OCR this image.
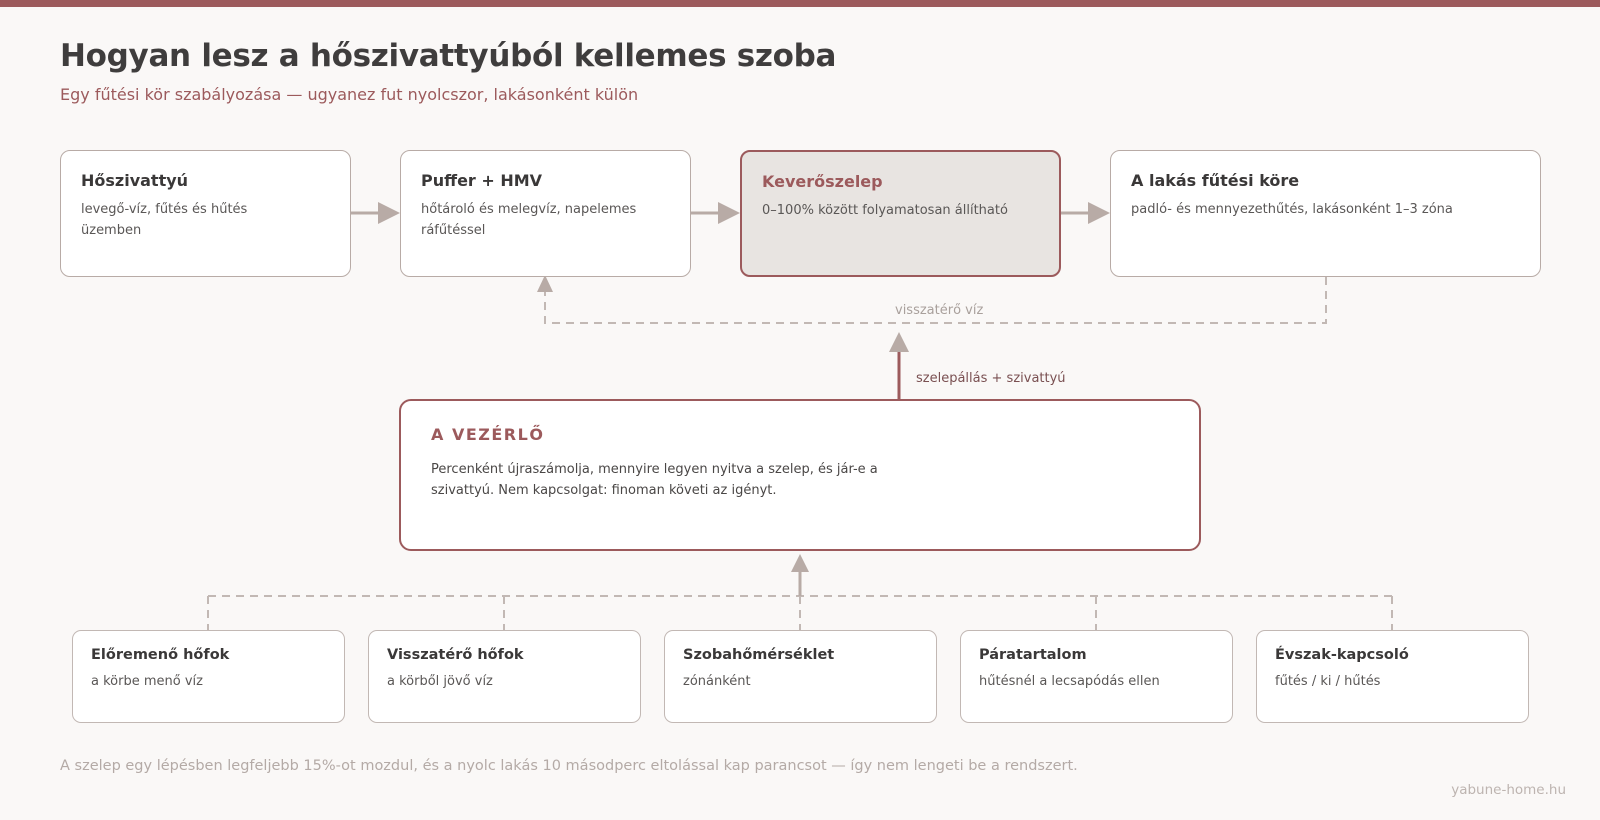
Hogyan lesz a hőszivattyúból kellemes szoba
Egy fűtési kör szabályozása — ugyanez fut nyolcszor, lakásonként külön
Hőszivattyú
levegő-víz, fűtés és hűtés üzemben
Puffer + HMV
hőtároló és melegvíz, napelemes ráfűtéssel
Keverőszelep
0–100% között folyamatosan állítható
A lakás fűtési köre
padló- és mennyezethűtés, lakásonként 1–3 zóna
visszatérő víz
szelepállás + szivattyú
A VEZÉRLŐ
Percenként újraszámolja, mennyire legyen nyitva a szelep, és jár-e a szivattyú. Nem kapcsolgat: finoman követi az igényt.
Előremenő hőfok
a körbe menő víz
Visszatérő hőfok
a körből jövő víz
Szobahőmérséklet
zónánként
Páratartalom
hűtésnél a lecsapódás ellen
Évszak-kapcsoló
fűtés / ki / hűtés
A szelep egy lépésben legfeljebb 15%-ot mozdul, és a nyolc lakás 10 másodperc eltolással kap parancsot — így nem lengeti be a rendszert.
yabune-home.hu
